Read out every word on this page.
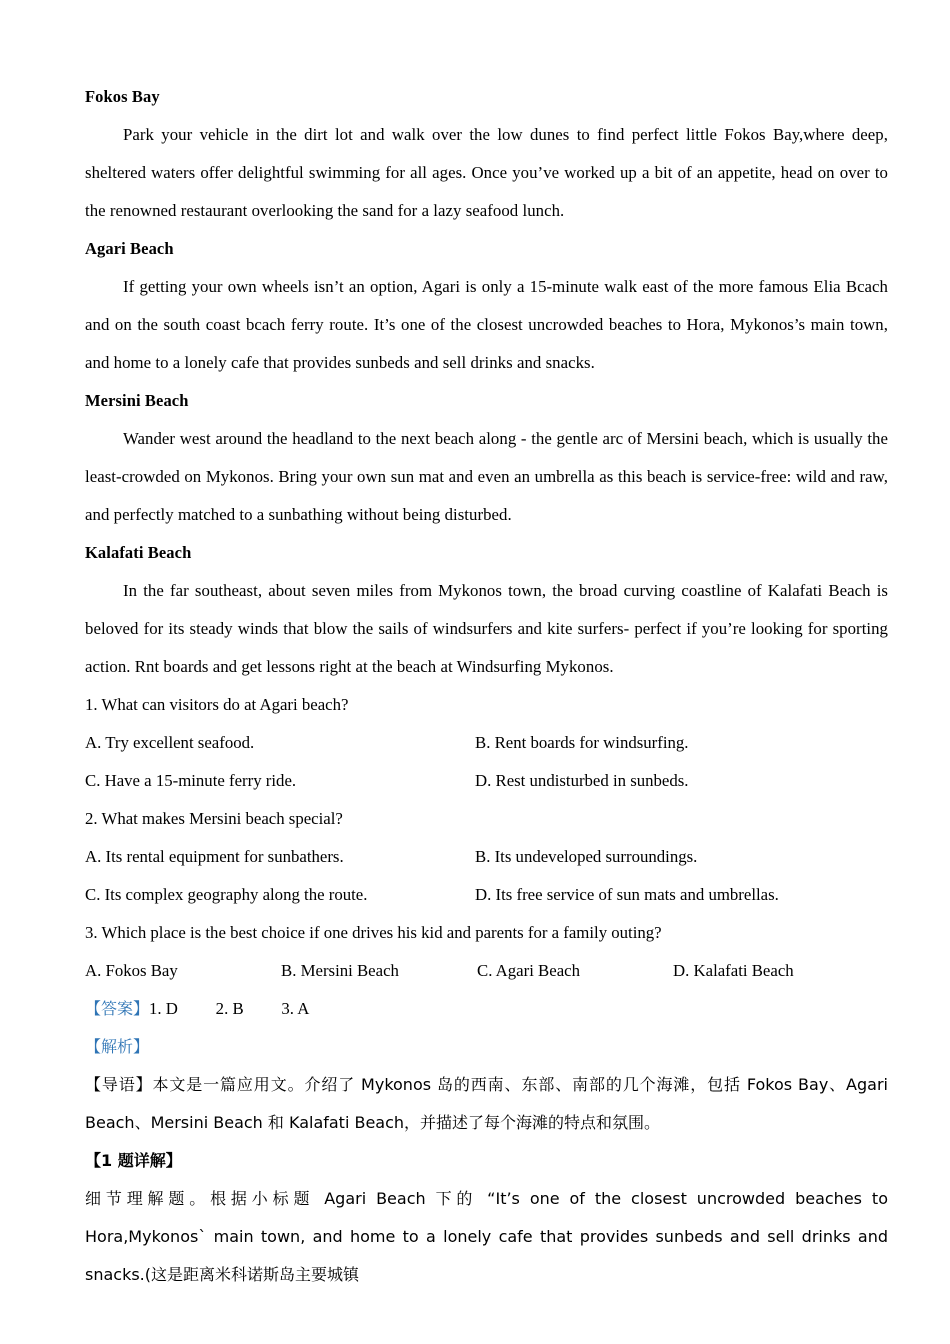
Fokos Bay

Park your vehicle in the dirt lot and walk over the low dunes to find perfect little Fokos Bay,where deep, sheltered waters offer delightful swimming for all ages. Once you’ve worked up a bit of an appetite, head on over to the renowned restaurant overlooking the sand for a lazy seafood lunch.

Agari Beach

If getting your own wheels isn’t an option, Agari is only a 15-minute walk east of the more famous Elia Bcach and on the south coast bcach ferry route. It’s one of the closest uncrowded beaches to Hora, Mykonos’s main town, and home to a lonely cafe that provides sunbeds and sell drinks and snacks.

Mersini Beach

Wander west around the headland to the next beach along - the gentle arc of Mersini beach, which is usually the least-crowded on Mykonos. Bring your own sun mat and even an umbrella as this beach is service-free: wild and raw, and perfectly matched to a sunbathing without being disturbed.

Kalafati Beach

In the far southeast, about seven miles from Mykonos town, the broad curving coastline of Kalafati Beach is beloved for its steady winds that blow the sails of windsurfers and kite surfers- perfect if you’re looking for sporting action. Rnt boards and get lessons right at the beach at Windsurfing Mykonos.

1. What can visitors do at Agari beach?

A. Try excellent seafood.	B. Rent boards for windsurfing.
C. Have a 15-minute ferry ride.	D. Rest undisturbed in sunbeds.

2. What makes Mersini beach special?

A. Its rental equipment for sunbathers.	B. Its undeveloped surroundings.
C. Its complex geography along the route.	D. Its free service of sun mats and umbrellas.

3. Which place is the best choice if one drives his kid and parents for a family outing?

A. Fokos Bay	B. Mersini Beach	C. Agari Beach	D. Kalafati Beach

【答案】1. D　　 2. B　　 3. A

【解析】

【导语】本文是一篇应用文。介绍了 Mykonos 岛的西南、东部、南部的几个海滩，包括 Fokos Bay、Agari Beach、Mersini Beach 和 Kalafati Beach，并描述了每个海滩的特点和氛围。

【1 题详解】

细节理解题。根据小标题 Agari Beach 下的 “It’s one of the closest uncrowded beaches to Hora,Mykonos` main town, and home to a lonely cafe that provides sunbeds and sell drinks and snacks.(这是距离米科诺斯岛主要城镇
